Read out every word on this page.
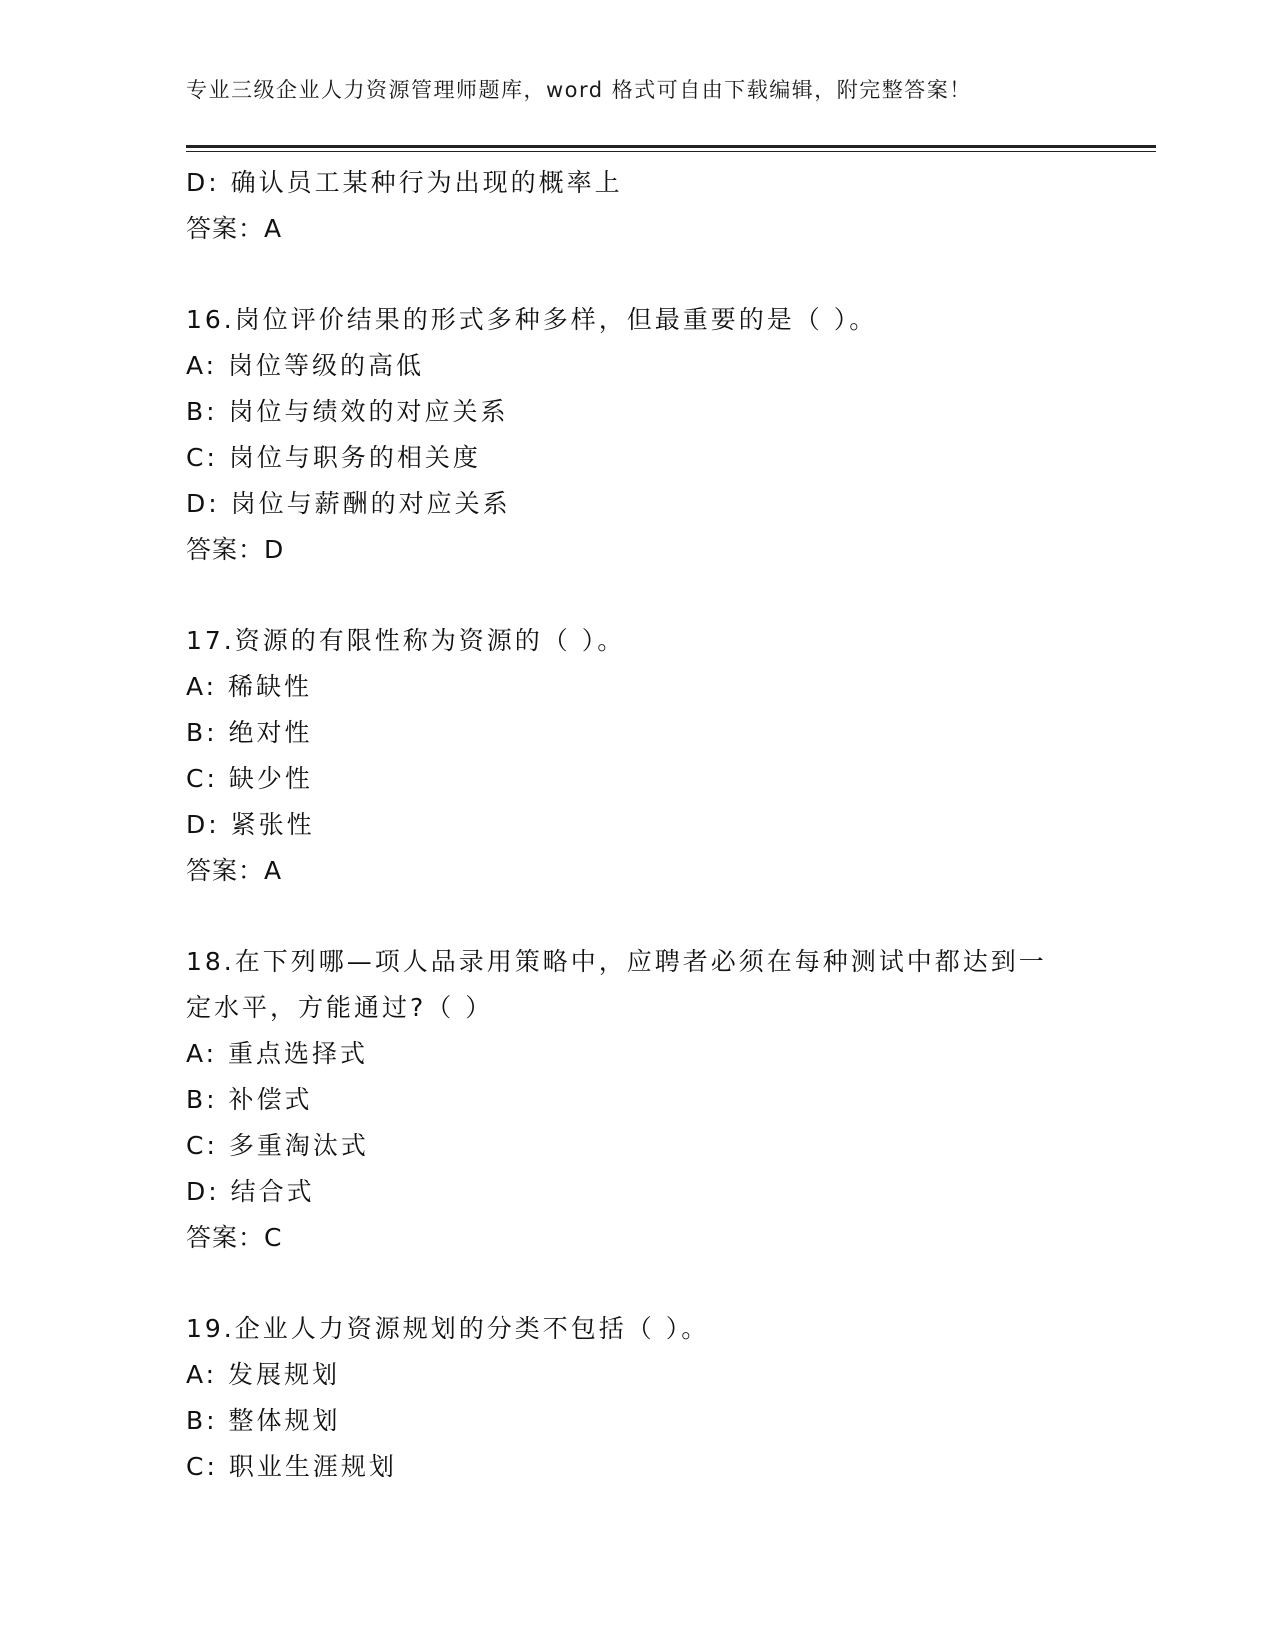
专业三级企业人力资源管理师题库，word 格式可自由下载编辑，附完整答案！
D: 确认员工某种行为出现的概率上
答案：A
16.岗位评价结果的形式多种多样，但最重要的是（ ）。
A: 岗位等级的高低
B: 岗位与绩效的对应关系
C: 岗位与职务的相关度
D: 岗位与薪酬的对应关系
答案：D
17.资源的有限性称为资源的（ ）。
A: 稀缺性
B: 绝对性
C: 缺少性
D: 紧张性
答案：A
18.在下列哪—项人品录用策略中，应聘者必须在每种测试中都达到一
定水平，方能通过?（ ）
A: 重点选择式
B: 补偿式
C: 多重淘汰式
D: 结合式
答案：C
19.企业人力资源规划的分类不包括（ ）。
A: 发展规划
B: 整体规划
C: 职业生涯规划
